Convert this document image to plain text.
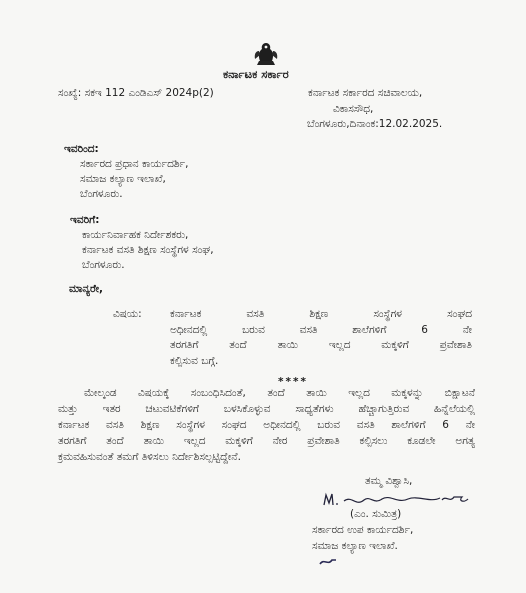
ಕರ್ನಾಟಕ ಸರ್ಕಾರ
ಸಂಖ್ಯೆ: ಸಕಇ 112 ಎಂಡಿಎಸ್ 2024p(2)	ಕರ್ನಾಟಕ ಸರ್ಕಾರದ ಸಚಿವಾಲಯ,
ವಿಕಾಸಸೌಧ,
ಬೆಂಗಳೂರು,ದಿನಾಂಕ:12.02.2025.
ಇವರಿಂದ:
ಸರ್ಕಾರದ ಪ್ರಧಾನ ಕಾರ್ಯದರ್ಶಿ,
ಸಮಾಜ ಕಲ್ಯಾಣ ಇಲಾಖೆ,
ಬೆಂಗಳೂರು.
ಇವರಿಗೆ:
ಕಾರ್ಯನಿರ್ವಾಹಕ ನಿರ್ದೇಶಕರು,
ಕರ್ನಾಟಕ ವಸತಿ ಶಿಕ್ಷಣ ಸಂಸ್ಥೆಗಳ ಸಂಘ,
ಬೆಂಗಳೂರು.
ಮಾನ್ಯರೇ,
ವಿಷಯ:	ಕರ್ನಾಟಕ ವಸತಿ ಶಿಕ್ಷಣ ಸಂಸ್ಥೆಗಳ ಸಂಘದ
ಅಧೀನದಲ್ಲಿ ಬರುವ ವಸತಿ ಶಾಲೆಗಳಿಗೆ 6 ನೇ
ತರಗತಿಗೆ ತಂದೆ ತಾಯಿ ಇಲ್ಲದ ಮಕ್ಕಳಿಗೆ ಪ್ರವೇಶಾತಿ
ಕಲ್ಪಿಸುವ ಬಗ್ಗೆ.
****
ಮೇಲ್ಕಂಡ ವಿಷಯಕ್ಕೆ ಸಂಬಂಧಿಸಿದಂತೆ, ತಂದೆ ತಾಯಿ ಇಲ್ಲದ ಮಕ್ಕಳನ್ನು ಬಿಕ್ಷಾಟನೆ
ಮತ್ತು ಇತರ ಚಟುವಟಿಕೆಗಳಿಗೆ ಬಳಸಿಕೊಳ್ಳುವ ಸಾಧ್ಯತೆಗಳು ಹೆಚ್ಚಾಗುತ್ತಿರುವ ಹಿನ್ನೆಲೆಯಲ್ಲಿ
ಕರ್ನಾಟಕ ವಸತಿ ಶಿಕ್ಷಣ ಸಂಸ್ಥೆಗಳ ಸಂಘದ ಅಧೀನದಲ್ಲಿ ಬರುವ ವಸತಿ ಶಾಲೆಗಳಿಗೆ 6 ನೇ
ತರಗತಿಗೆ ತಂದೆ ತಾಯಿ ಇಲ್ಲದ ಮಕ್ಕಳಿಗೆ ನೇರ ಪ್ರವೇಶಾತಿ ಕಲ್ಪಿಸಲು ಕೂಡಲೇ ಅಗತ್ಯ
ಕ್ರಮವಹಿಸುವಂತೆ ತಮಗೆ ತಿಳಿಸಲು ನಿರ್ದೇಶಿಸಲ್ಪಟ್ಟಿದ್ದೇನೆ.
ತಮ್ಮ ವಿಶ್ವಾಸಿ,
(ಎಂ. ಸುಮಿತ್ರ)
ಸರ್ಕಾರದ ಉಪ ಕಾರ್ಯದರ್ಶಿ,
ಸಮಾಜ ಕಲ್ಯಾಣ ಇಲಾಖೆ.
